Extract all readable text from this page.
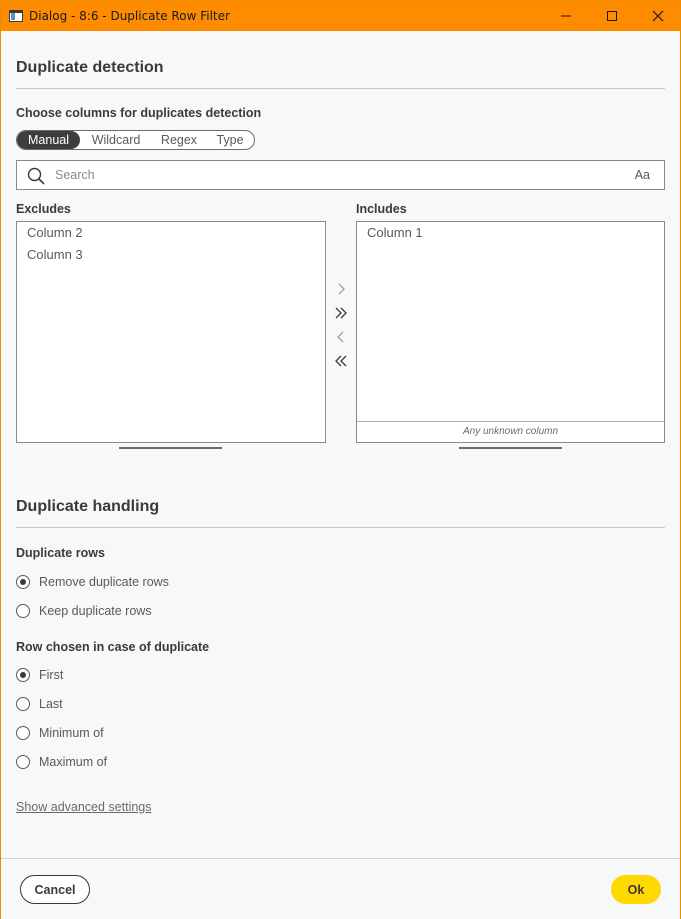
Dialog - 8:6 - Duplicate Row Filter
Duplicate detection
Choose columns for duplicates detection
Manual	Wildcard	Regex	Type
Search
Aa
Excludes
Column 2
Column 3
Includes
Column 1
Any unknown column
Duplicate handling
Duplicate rows
Remove duplicate rows
Keep duplicate rows
Row chosen in case of duplicate
First
Last
Minimum of
Maximum of
Show advanced settings
Cancel	Ok
